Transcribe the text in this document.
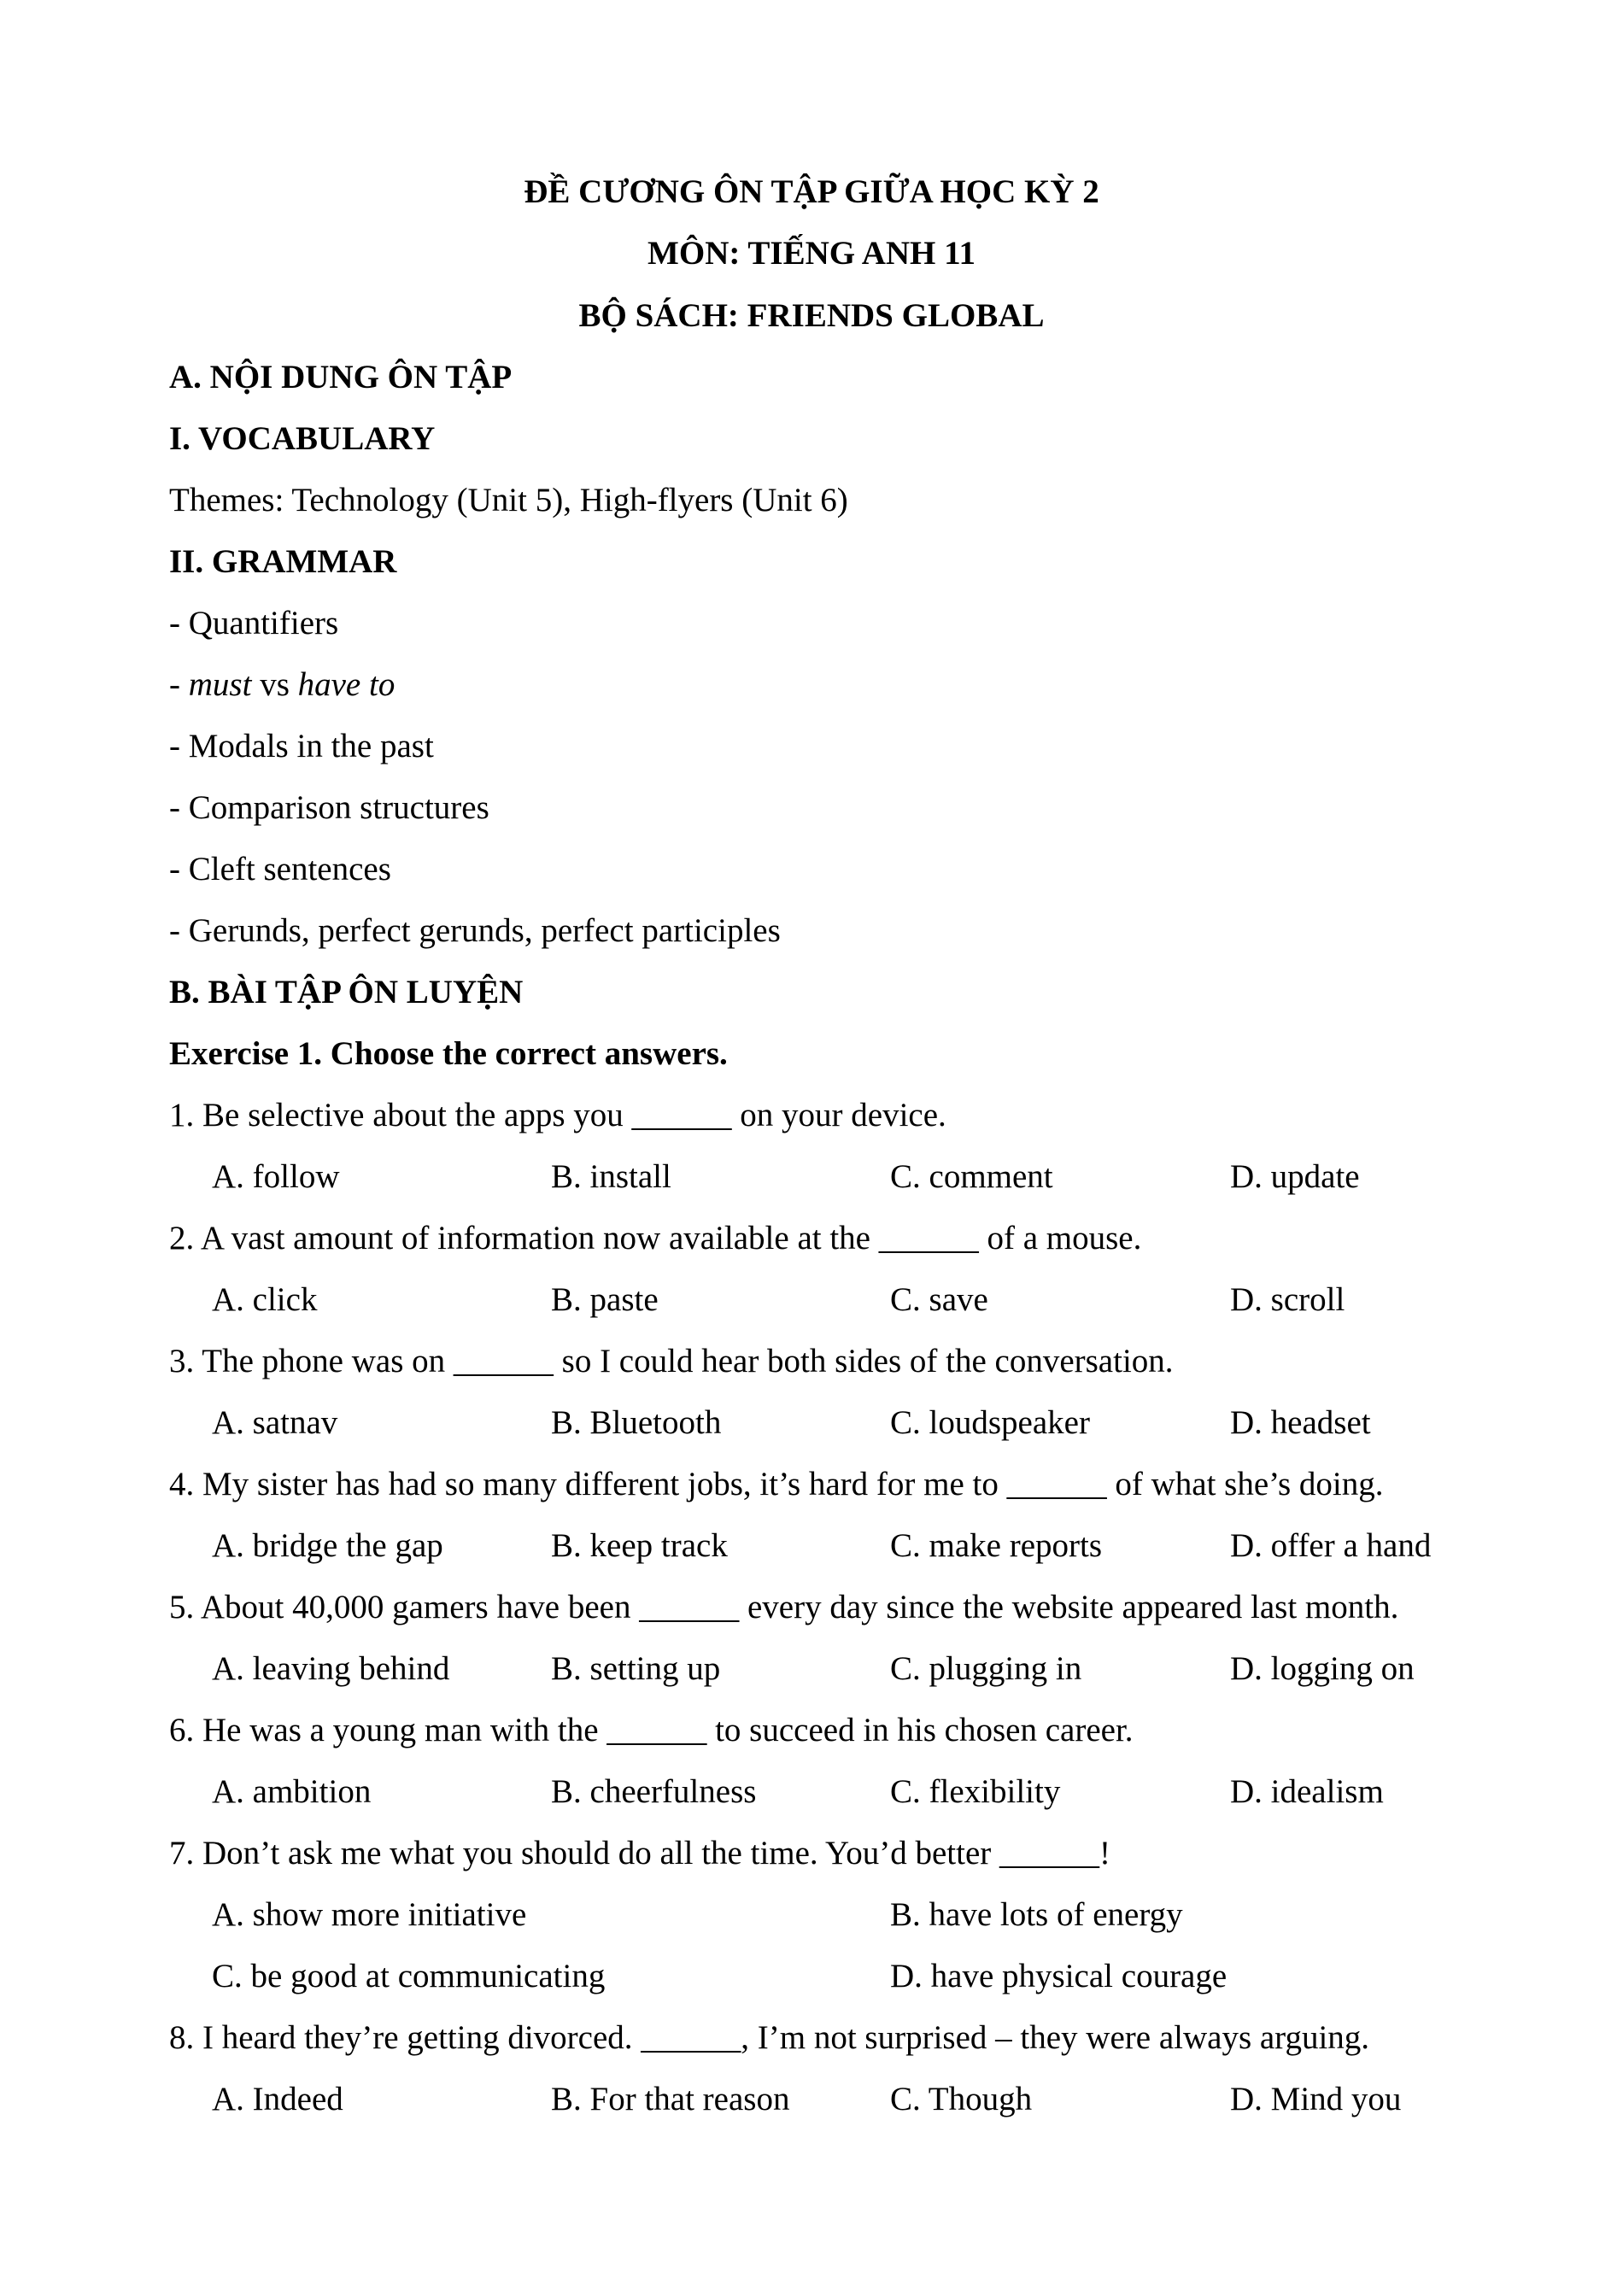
ĐỀ CƯƠNG ÔN TẬP GIỮA HỌC KỲ 2
MÔN: TIẾNG ANH 11
BỘ SÁCH: FRIENDS GLOBAL
A. NỘI DUNG ÔN TẬP
I. VOCABULARY
Themes: Technology (Unit 5), High-flyers (Unit 6)
II. GRAMMAR
- Quantifiers
- must vs have to
- Modals in the past
- Comparison structures
- Cleft sentences
- Gerunds, perfect gerunds, perfect participles
B. BÀI TẬP ÔN LUYỆN
Exercise 1. Choose the correct answers.
1. Be selective about the apps you ______ on your device.
A. follow	B. install	C. comment	D. update
2. A vast amount of information now available at the ______ of a mouse.
A. click	B. paste	C. save	D. scroll
3. The phone was on ______ so I could hear both sides of the conversation.
A. satnav	B. Bluetooth	C. loudspeaker	D. headset
4. My sister has had so many different jobs, it’s hard for me to ______ of what she’s doing.
A. bridge the gap	B. keep track	C. make reports	D. offer a hand
5. About 40,000 gamers have been ______ every day since the website appeared last month.
A. leaving behind	B. setting up	C. plugging in	D. logging on
6. He was a young man with the ______ to succeed in his chosen career.
A. ambition	B. cheerfulness	C. flexibility	D. idealism
7. Don’t ask me what you should do all the time. You’d better ______!
A. show more initiative	B. have lots of energy
C. be good at communicating	D. have physical courage
8. I heard they’re getting divorced. ______, I’m not surprised – they were always arguing.
A. Indeed	B. For that reason	C. Though	D. Mind you
